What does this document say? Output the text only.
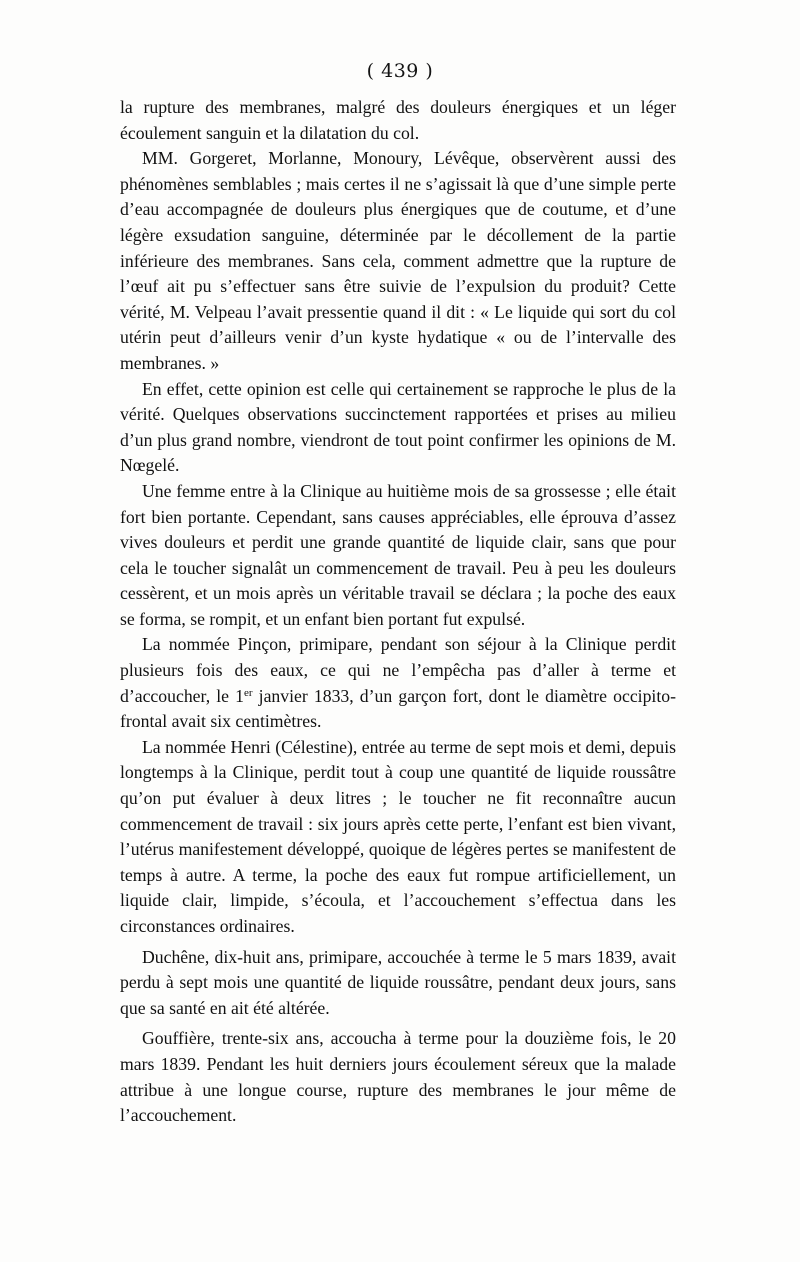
( 439 )

la rupture des membranes, malgré des douleurs énergiques et un léger écoulement sanguin et la dilatation du col.

MM. Gorgeret, Morlanne, Monoury, Lévêque, observèrent aussi des phénomènes semblables ; mais certes il ne s’agissait là que d’une simple perte d’eau accompagnée de douleurs plus énergiques que de coutume, et d’une légère exsudation sanguine, déterminée par le décollement de la partie inférieure des membranes. Sans cela, comment admettre que la rupture de l’œuf ait pu s’effectuer sans être suivie de l’expulsion du produit? Cette vérité, M. Velpeau l’avait pressentie quand il dit : « Le liquide qui sort du col utérin peut d’ailleurs venir d’un kyste hydatique « ou de l’intervalle des membranes. »

En effet, cette opinion est celle qui certainement se rapproche le plus de la vérité. Quelques observations succinctement rapportées et prises au milieu d’un plus grand nombre, viendront de tout point confirmer les opinions de M. Nœgelé.

Une femme entre à la Clinique au huitième mois de sa grossesse ; elle était fort bien portante. Cependant, sans causes appréciables, elle éprouva d’assez vives douleurs et perdit une grande quantité de liquide clair, sans que pour cela le toucher signalât un commencement de travail. Peu à peu les douleurs cessèrent, et un mois après un véritable travail se déclara ; la poche des eaux se forma, se rompit, et un enfant bien portant fut expulsé.

La nommée Pinçon, primipare, pendant son séjour à la Clinique perdit plusieurs fois des eaux, ce qui ne l’empêcha pas d’aller à terme et d’accoucher, le 1er janvier 1833, d’un garçon fort, dont le diamètre occipito-frontal avait six centimètres.

La nommée Henri (Célestine), entrée au terme de sept mois et demi, depuis longtemps à la Clinique, perdit tout à coup une quantité de liquide roussâtre qu’on put évaluer à deux litres ; le toucher ne fit reconnaître aucun commencement de travail : six jours après cette perte, l’enfant est bien vivant, l’utérus manifestement développé, quoique de légères pertes se manifestent de temps à autre. A terme, la poche des eaux fut rompue artificiellement, un liquide clair, limpide, s’écoula, et l’accouchement s’effectua dans les circonstances ordinaires.

Duchêne, dix-huit ans, primipare, accouchée à terme le 5 mars 1839, avait perdu à sept mois une quantité de liquide roussâtre, pendant deux jours, sans que sa santé en ait été altérée.

Gouffière, trente-six ans, accoucha à terme pour la douzième fois, le 20 mars 1839. Pendant les huit derniers jours écoulement séreux que la malade attribue à une longue course, rupture des membranes le jour même de l’accouchement.
